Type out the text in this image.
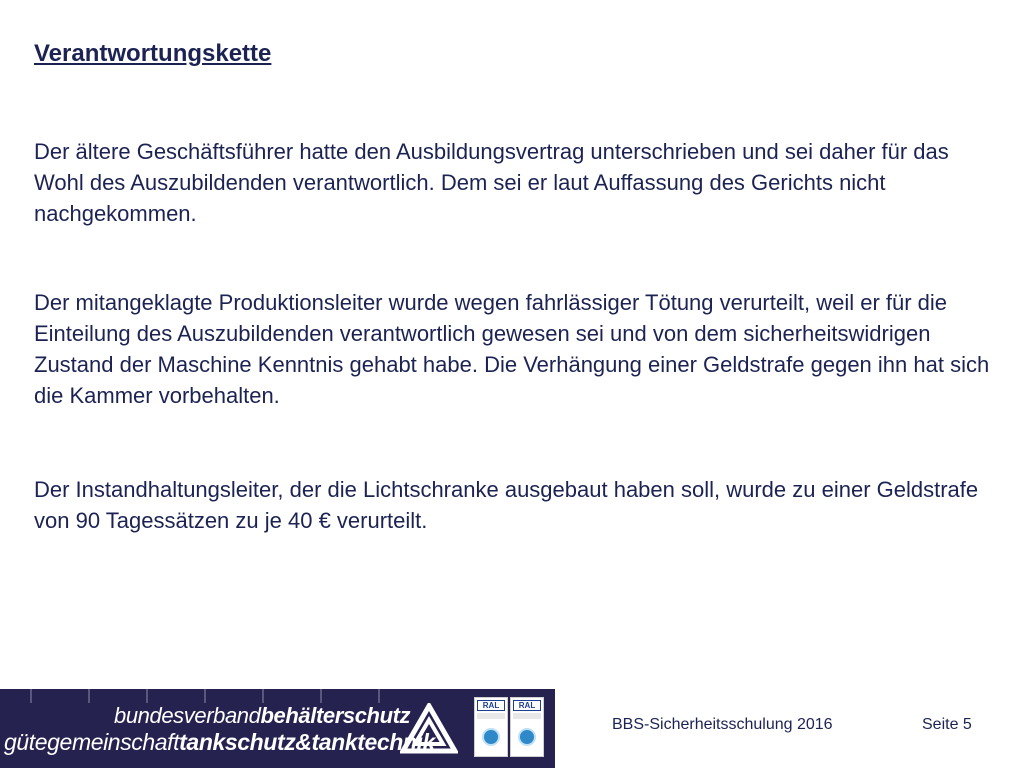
Verantwortungskette

Der ältere Geschäftsführer hatte den Ausbildungsvertrag unterschrieben und sei daher für das Wohl des Auszubildenden verantwortlich. Dem sei er laut Auffassung des Gerichts nicht nachgekommen.

Der mitangeklagte Produktionsleiter wurde wegen fahrlässiger Tötung verurteilt, weil er für die Einteilung des Auszubildenden verantwortlich gewesen sei und von dem sicherheitswidrigen Zustand der Maschine Kenntnis gehabt habe. Die Verhängung einer Geldstrafe gegen ihn hat sich die Kammer vorbehalten.

Der Instandhaltungsleiter, der die Lichtschranke ausgebaut haben soll, wurde zu einer Geldstrafe von 90 Tagessätzen zu je 40 € verurteilt.

bundesverbandbehälterschutz
gütegemeinschafttankschutz&tanktechnik
RAL	RAL
BBS-Sicherheitsschulung 2016	Seite 5
